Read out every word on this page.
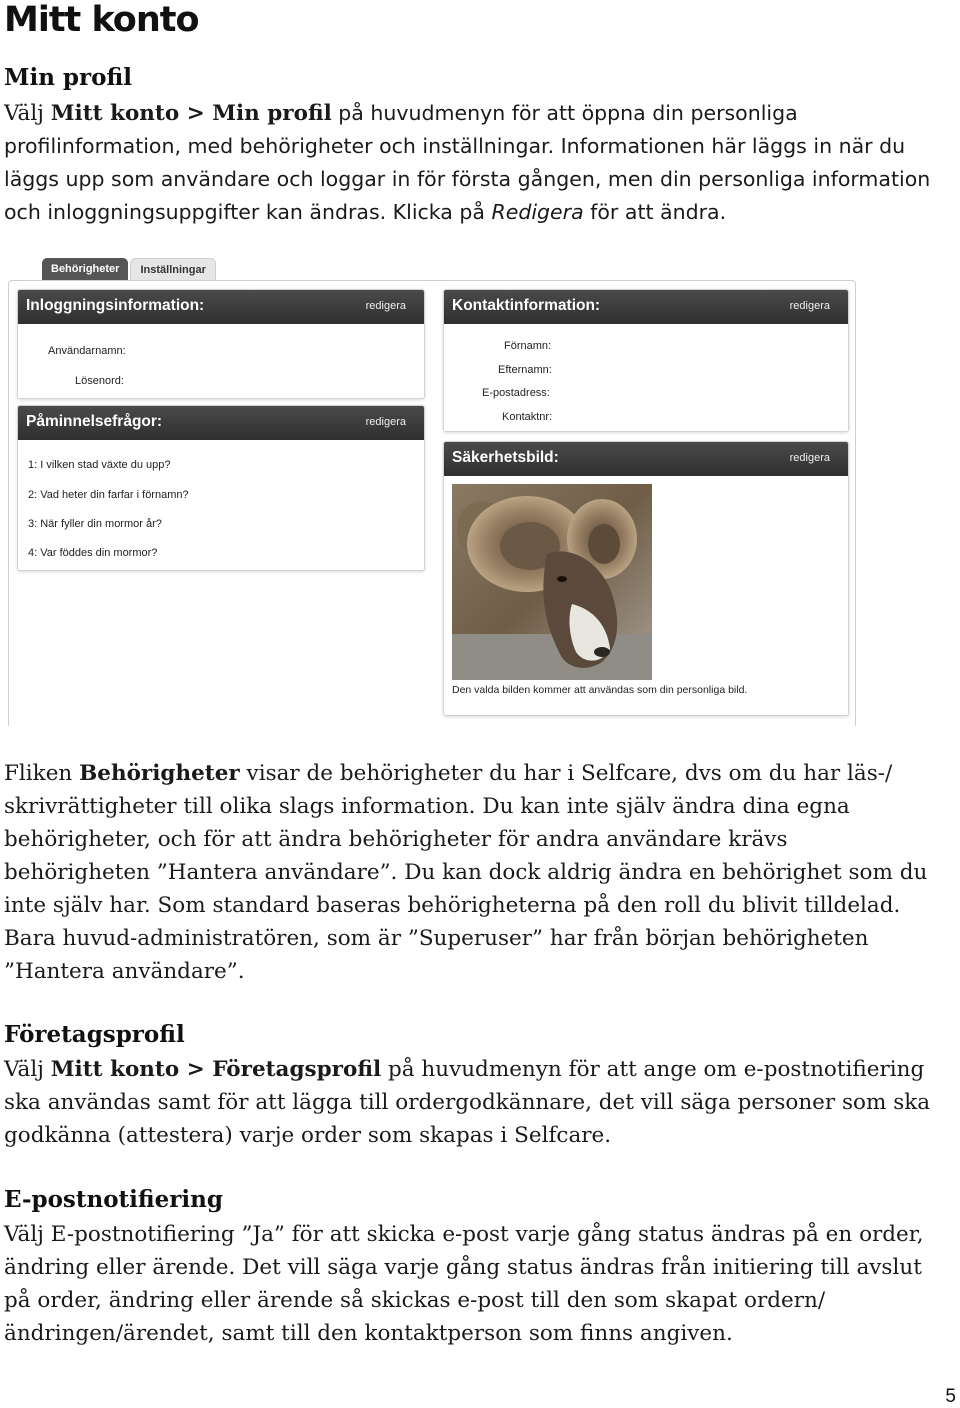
Mitt konto
Min profil
Välj Mitt konto > Min profil på huvudmenyn för att öppna din personliga profilinformation, med behörigheter och inställningar. Informationen här läggs in när du läggs upp som användare och loggar in för första gången, men din personliga information och inloggningsuppgifter kan ändras. Klicka på Redigera för att ändra.
Behörigheter	Inställningar
Inloggningsinformation:	redigera
Användarnamn:
Lösenord:
Kontaktinformation:	redigera
Förnamn:
Efternamn:
E-postadress:
Kontaktnr:
Påminnelsefrågor:	redigera
1: I vilken stad växte du upp?
2: Vad heter din farfar i förnamn?
3: När fyller din mormor år?
4: Var föddes din mormor?
Säkerhetsbild:	redigera
Den valda bilden kommer att användas som din personliga bild.
Fliken Behörigheter visar de behörigheter du har i Selfcare, dvs om du har läs-/ skrivrättigheter till olika slags information. Du kan inte själv ändra dina egna behörigheter, och för att ändra behörigheter för andra användare krävs behörigheten ”Hantera användare”. Du kan dock aldrig ändra en behörighet som du inte själv har. Som standard baseras behörigheterna på den roll du blivit tilldelad. Bara huvud-administratören, som är ”Superuser” har från början behörigheten ”Hantera användare”.
Företagsprofil
Välj Mitt konto > Företagsprofil på huvudmenyn för att ange om e-postnotifiering ska användas samt för att lägga till ordergodkännare, det vill säga personer som ska godkänna (attestera) varje order som skapas i Selfcare.
E-postnotifiering
Välj E-postnotifiering ”Ja” för att skicka e-post varje gång status ändras på en order, ändring eller ärende. Det vill säga varje gång status ändras från initiering till avslut på order, ändring eller ärende så skickas e-post till den som skapat ordern/ändringen/ärendet, samt till den kontaktperson som finns angiven.
5
